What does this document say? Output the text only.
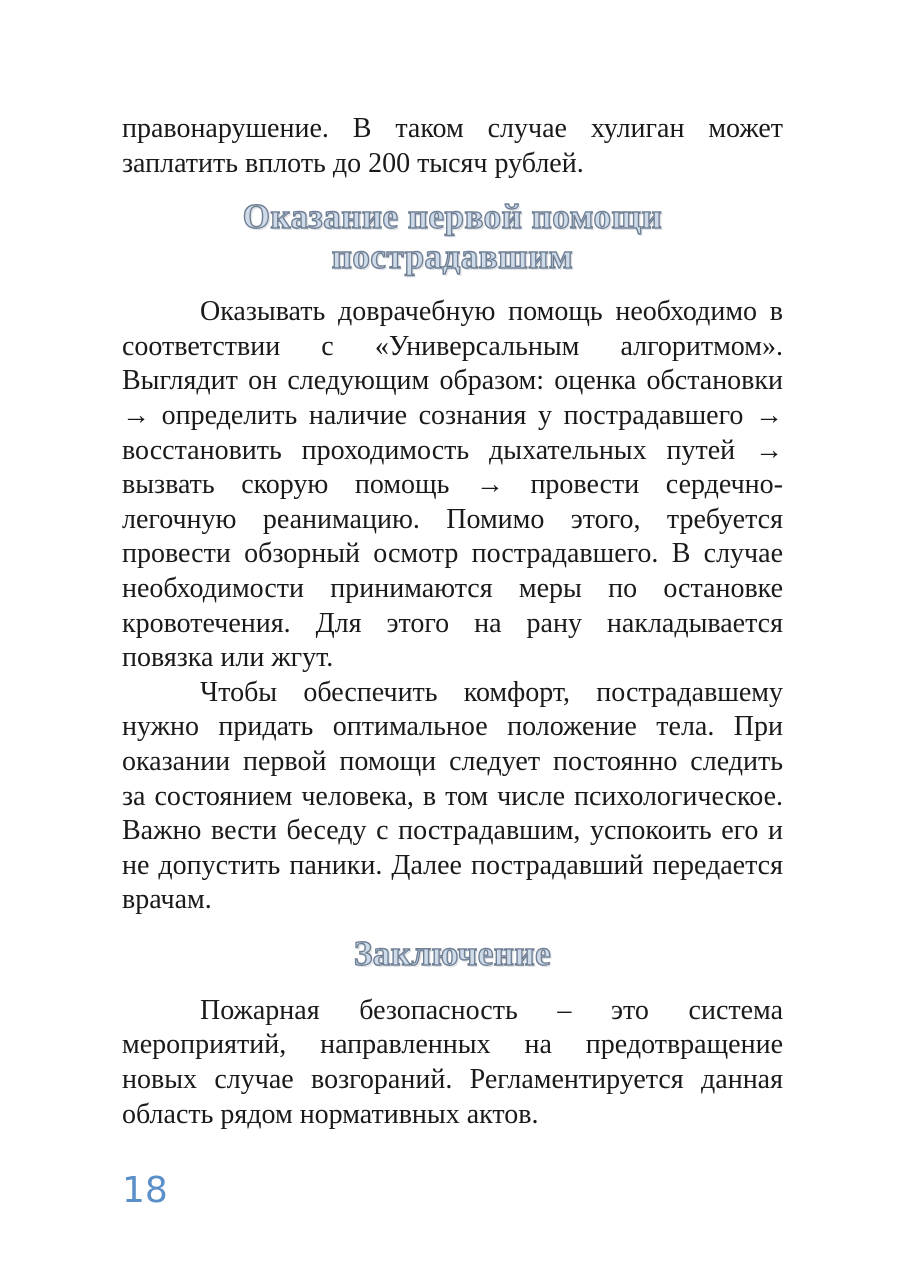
правонарушение. В таком случае хулиган может заплатить вплоть до 200 тысяч рублей.

Оказание первой помощи

пострадавшим

Оказывать доврачебную помощь необходимо в соответствии с «Универсальным алгоритмом». Выглядит он следующим образом: оценка обстановки → определить наличие сознания у пострадавшего → восстановить проходимость дыхательных путей → вызвать скорую помощь → провести сердечно-легочную реанимацию. Помимо этого, требуется провести обзорный осмотр пострадавшего. В случае необходимости принимаются меры по остановке кровотечения. Для этого на рану накладывается повязка или жгут.

Чтобы обеспечить комфорт, пострадавшему нужно придать оптимальное положение тела. При оказании первой помощи следует постоянно следить за состоянием человека, в том числе психологическое. Важно вести беседу с пострадавшим, успокоить его и не допустить паники. Далее пострадавший передается врачам.

Заключение

Пожарная безопасность – это система мероприятий, направленных на предотвращение новых случае возгораний. Регламентируется данная область рядом нормативных актов.

18
